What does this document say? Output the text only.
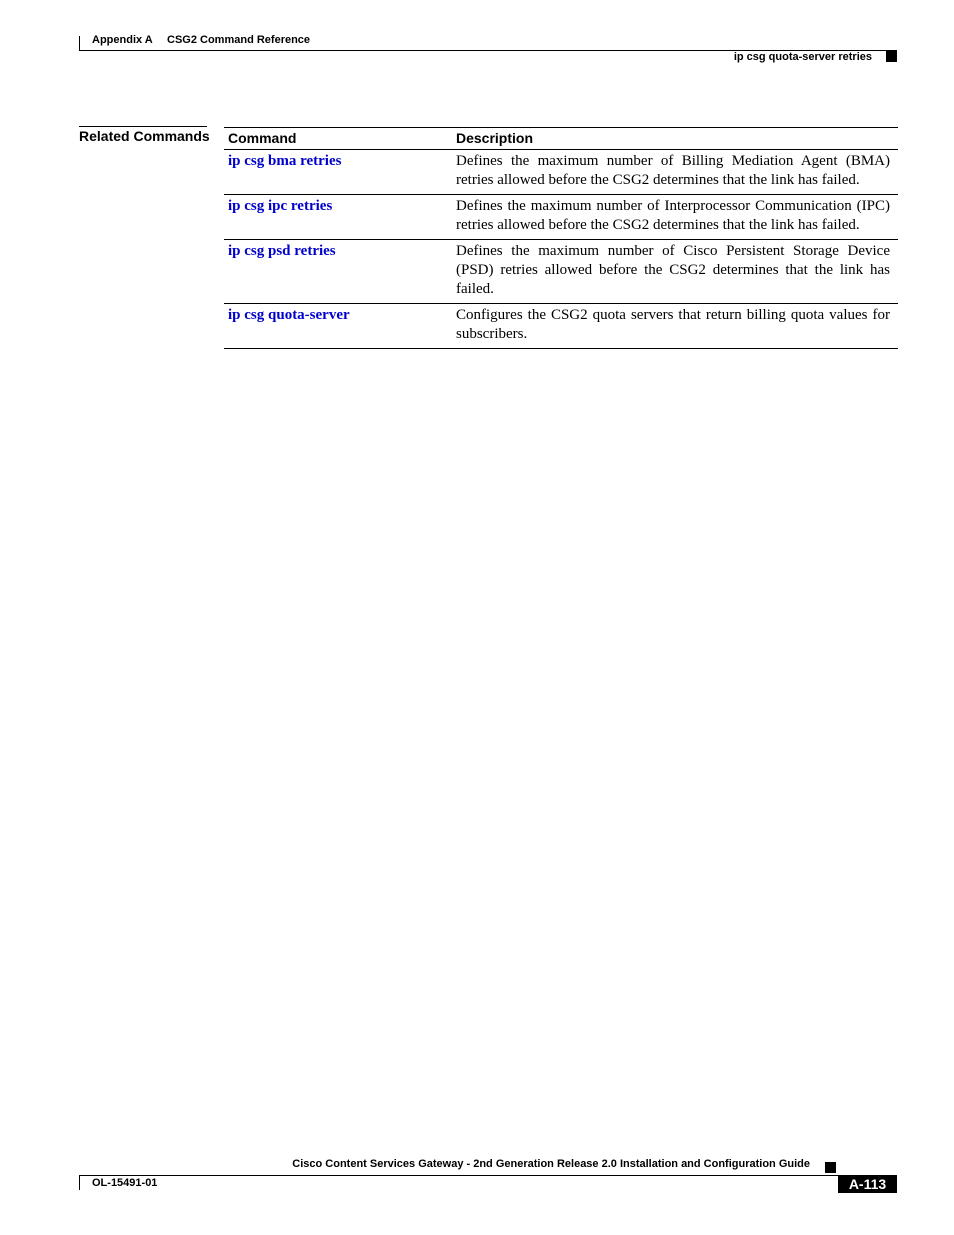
Appendix A CSG2 Command Reference
ip csg quota-server retries
Related Commands Command	Description
ip csg bma retries	Defines the maximum number of Billing Mediation Agent (BMA) retries allowed before the CSG2 determines that the link has failed.
ip csg ipc retries	Defines the maximum number of Interprocessor Communication (IPC) retries allowed before the CSG2 determines that the link has failed.
ip csg psd retries	Defines the maximum number of Cisco Persistent Storage Device (PSD) retries allowed before the CSG2 determines that the link has failed.
ip csg quota-server	Configures the CSG2 quota servers that return billing quota values for subscribers.
Cisco Content Services Gateway - 2nd Generation Release 2.0 Installation and Configuration Guide
OL-15491-01	A-113
